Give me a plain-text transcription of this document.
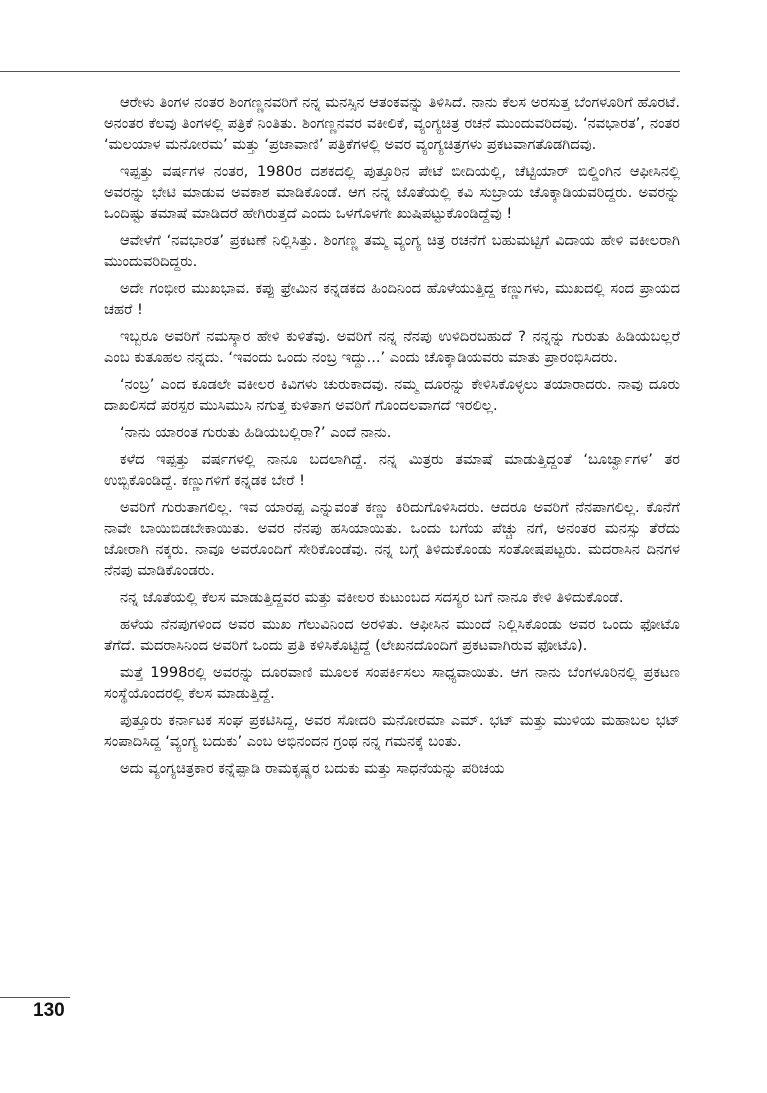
ಆರೇಳು ತಿಂಗಳ ನಂತರ ಶಿಂಗಣ್ಣನವರಿಗೆ ನನ್ನ ಮನಸ್ಸಿನ ಆತಂಕವನ್ನು ತಿಳಿಸಿದೆ. ನಾನು ಕೆಲಸ ಅರಸುತ್ತ ಬೆಂಗಳೂರಿಗೆ ಹೊರಟೆ. ಅನಂತರ ಕೆಲವು ತಿಂಗಳಲ್ಲಿ ಪತ್ರಿಕೆ ನಿಂತಿತು. ಶಿಂಗಣ್ಣನವರ ವಕೀಲಿಕೆ, ವ್ಯಂಗ್ಯಚಿತ್ರ ರಚನೆ ಮುಂದುವರಿದವು. ‘ನವಭಾರತ’, ನಂತರ ‘ಮಲಯಾಳ ಮನೋರಮ’ ಮತ್ತು ‘ಪ್ರಜಾವಾಣಿ’ ಪತ್ರಿಕೆಗಳಲ್ಲಿ ಅವರ ವ್ಯಂಗ್ಯಚಿತ್ರಗಳು ಪ್ರಕಟವಾಗತೊಡಗಿದವು.

ಇಪ್ಪತ್ತು ವರ್ಷಗಳ ನಂತರ, 1980ರ ದಶಕದಲ್ಲಿ ಪುತ್ತೂರಿನ ಪೇಟೆ ಬೀದಿಯಲ್ಲಿ, ಚೆಟ್ಟಿಯಾರ್ ಬಿಲ್ಡಿಂಗಿನ ಆಫೀಸಿನಲ್ಲಿ ಅವರನ್ನು ಭೇಟಿ ಮಾಡುವ ಅವಕಾಶ ಮಾಡಿಕೊಂಡೆ. ಆಗ ನನ್ನ ಜೊತೆಯಲ್ಲಿ ಕವಿ ಸುಬ್ರಾಯ ಚೊಕ್ಕಾಡಿಯವರಿದ್ದರು. ಅವರನ್ನು ಒಂದಿಷ್ಟು ತಮಾಷೆ ಮಾಡಿದರೆ ಹೇಗಿರುತ್ತದೆ ಎಂದು ಒಳಗೊಳಗೇ ಖುಷಿಪಟ್ಟುಕೊಂಡಿದ್ದೆವು !

ಆವೇಳೆಗೆ ‘ನವಭಾರತ’ ಪ್ರಕಟಣೆ ನಿಲ್ಲಿಸಿತ್ತು. ಶಿಂಗಣ್ಣ ತಮ್ಮ ವ್ಯಂಗ್ಯ ಚಿತ್ರ ರಚನೆಗೆ ಬಹುಮಟ್ಟಿಗೆ ವಿದಾಯ ಹೇಳಿ ವಕೀಲರಾಗಿ ಮುಂದುವರಿದಿದ್ದರು.

ಅದೇ ಗಂಭೀರ ಮುಖಭಾವ. ಕಪ್ಪು ಫ್ರೇಮಿನ ಕನ್ನಡಕದ ಹಿಂದಿನಿಂದ ಹೊಳೆಯುತ್ತಿದ್ದ ಕಣ್ಣುಗಳು, ಮುಖದಲ್ಲಿ ಸಂದ ಪ್ರಾಯದ ಚಹರೆ !

ಇಬ್ಬರೂ ಅವರಿಗೆ ನಮಸ್ಕಾರ ಹೇಳಿ ಕುಳಿತೆವು. ಅವರಿಗೆ ನನ್ನ ನೆನಪು ಉಳಿದಿರಬಹುದೆ ? ನನ್ನನ್ನು ಗುರುತು ಹಿಡಿಯಬಲ್ಲರೆ ಎಂಬ ಕುತೂಹಲ ನನ್ನದು. ‘ಇವಂದು ಒಂದು ನಂಬ್ರ ಇದ್ದು...’ ಎಂದು ಚೊಕ್ಕಾಡಿಯವರು ಮಾತು ಪ್ರಾರಂಭಿಸಿದರು.

‘ನಂಬ್ರ’ ಎಂದ ಕೂಡಲೇ ವಕೀಲರ ಕಿವಿಗಳು ಚುರುಕಾದವು. ನಮ್ಮ ದೂರನ್ನು ಕೇಳಿಸಿಕೊಳ್ಳಲು ತಯಾರಾದರು. ನಾವು ದೂರು ದಾಖಲಿಸದೆ ಪರಸ್ಪರ ಮುಸಿಮುಸಿ ನಗುತ್ತ ಕುಳಿತಾಗ ಅವರಿಗೆ ಗೊಂದಲವಾಗದೆ ಇರಲಿಲ್ಲ.

‘ನಾನು ಯಾರಂತ ಗುರುತು ಹಿಡಿಯಬಲ್ಲಿರಾ?’ ಎಂದೆ ನಾನು.

ಕಳೆದ ಇಪ್ಪತ್ತು ವರ್ಷಗಳಲ್ಲಿ ನಾನೂ ಬದಲಾಗಿದ್ದೆ. ನನ್ನ ಮಿತ್ರರು ತಮಾಷೆ ಮಾಡುತ್ತಿದ್ದಂತೆ ‘ಬೂರ್ಜ್ವಾಗಳ’ ತರ ಉಬ್ಬಿಕೊಂಡಿದ್ದೆ. ಕಣ್ಣುಗಳಿಗೆ ಕನ್ನಡಕ ಬೇರೆ !

ಅವರಿಗೆ ಗುರುತಾಗಲಿಲ್ಲ. ಇವ ಯಾರಪ್ಪ ಎನ್ನುವಂತೆ ಕಣ್ಣು ಕಿರಿದುಗೊಳಿಸಿದರು. ಆದರೂ ಅವರಿಗೆ ನೆನಪಾಗಲಿಲ್ಲ. ಕೊನೆಗೆ ನಾವೇ ಬಾಯಿಬಿಡಬೇಕಾಯಿತು. ಅವರ ನೆನಪು ಹಸಿಯಾಯಿತು. ಒಂದು ಬಗೆಯ ಪೆಚ್ಚು ನಗೆ, ಅನಂತರ ಮನಸ್ಸು ತೆರೆದು ಜೋರಾಗಿ ನಕ್ಕರು. ನಾವೂ ಅವರೊಂದಿಗೆ ಸೇರಿಕೊಂಡೆವು. ನನ್ನ ಬಗ್ಗೆ ತಿಳಿದುಕೊಂಡು ಸಂತೋಷಪಟ್ಟರು. ಮದರಾಸಿನ ದಿನಗಳ ನೆನಪು ಮಾಡಿಕೊಂಡರು.

ನನ್ನ ಜೊತೆಯಲ್ಲಿ ಕೆಲಸ ಮಾಡುತ್ತಿದ್ದವರ ಮತ್ತು ವಕೀಲರ ಕುಟುಂಬದ ಸದಸ್ಯರ ಬಗೆ ನಾನೂ ಕೇಳಿ ತಿಳಿದುಕೊಂಡೆ.

ಹಳೆಯ ನೆನಪುಗಳಿಂದ ಅವರ ಮುಖ ಗೆಲುವಿನಿಂದ ಅರಳಿತು. ಆಫೀಸಿನ ಮುಂದೆ ನಿಲ್ಲಿಸಿಕೊಂಡು ಅವರ ಒಂದು ಫೋಟೊ ತೆಗೆದೆ. ಮದರಾಸಿನಿಂದ ಅವರಿಗೆ ಒಂದು ಪ್ರತಿ ಕಳಿಸಿಕೊಟ್ಟಿದ್ದೆ (ಲೇಖನದೊಂದಿಗೆ ಪ್ರಕಟವಾಗಿರುವ ಫೋಟೊ).

ಮತ್ತೆ 1998ರಲ್ಲಿ ಅವರನ್ನು ದೂರವಾಣಿ ಮೂಲಕ ಸಂಪರ್ಕಿಸಲು ಸಾಧ್ಯವಾಯಿತು. ಆಗ ನಾನು ಬೆಂಗಳೂರಿನಲ್ಲಿ ಪ್ರಕಟಣ ಸಂಸ್ಥೆಯೊಂದರಲ್ಲಿ ಕೆಲಸ ಮಾಡುತ್ತಿದ್ದೆ.

ಪುತ್ತೂರು ಕರ್ನಾಟಕ ಸಂಘ ಪ್ರಕಟಿಸಿದ್ದ, ಅವರ ಸೋದರಿ ಮನೋರಮಾ ಎಮ್. ಭಟ್ ಮತ್ತು ಮುಳಿಯ ಮಹಾಬಲ ಭಟ್ ಸಂಪಾದಿಸಿದ್ದ ‘ವ್ಯಂಗ್ಯ ಬದುಕು’ ಎಂಬ ಅಭಿನಂದನ ಗ್ರಂಥ ನನ್ನ ಗಮನಕ್ಕೆ ಬಂತು.

ಅದು ವ್ಯಂಗ್ಯಚಿತ್ರಕಾರ ಕನ್ನೆಪ್ಪಾಡಿ ರಾಮಕೃಷ್ಣರ ಬದುಕು ಮತ್ತು ಸಾಧನೆಯನ್ನು ಪರಿಚಯ

130
